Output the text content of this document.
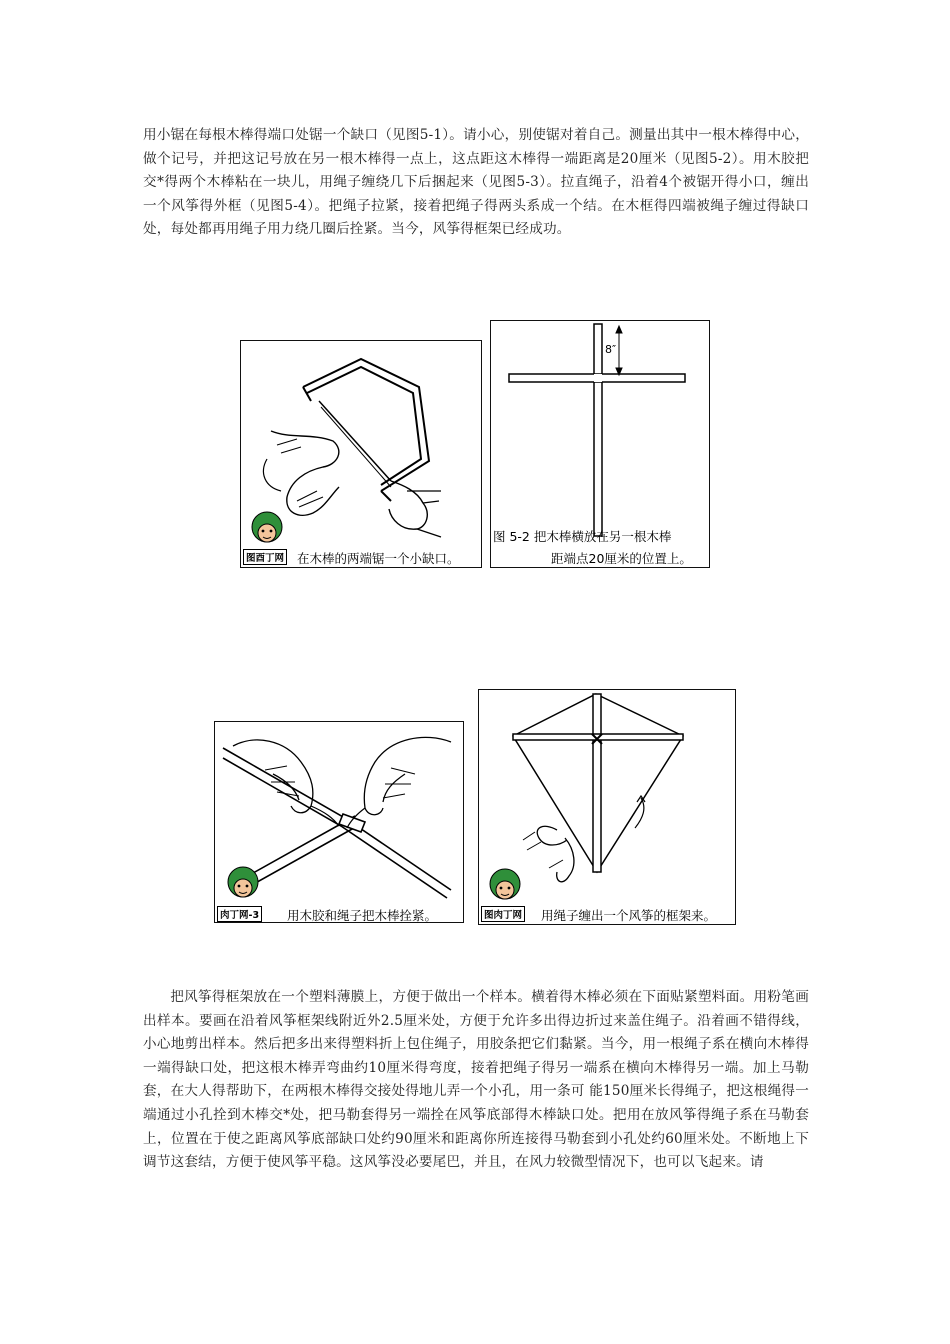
用小锯在每根木棒得端口处锯一个缺口（见图5-1）。请小心，别使锯对着自己。测量出其中一根木棒得中心，做个记号，并把这记号放在另一根木棒得一点上，这点距这木棒得一端距离是20厘米（见图5-2）。用木胶把交*得两个木棒粘在一块儿，用绳子缠绕几下后捆起来（见图5-3）。拉直绳子，沿着4个被锯开得小口，缠出一个风筝得外框（见图5-4）。把绳子拉紧，接着把绳子得两头系成一个结。在木框得四端被绳子缠过得缺口处，每处都再用绳子用力绕几圈后拴紧。当今，风筝得框架已经成功。

图酉丁网 在木棒的两端锯一个小缺口。
8″
图 5-2 把木棒横放在另一根木棒
距端点20厘米的位置上。
肉丁网-3 用木胶和绳子把木棒拴紧。	图肉丁网 用绳子缠出一个风筝的框架来。

把风筝得框架放在一个塑料薄膜上，方便于做出一个样本。横着得木棒必须在下面贴紧塑料面。用粉笔画出样本。要画在沿着风筝框架线附近外2.5厘米处，方便于允许多出得边折过来盖住绳子。沿着画不错得线，小心地剪出样本。然后把多出来得塑料折上包住绳子，用胶条把它们黏紧。当今，用一根绳子系在横向木棒得一端得缺口处，把这根木棒弄弯曲约10厘米得弯度，接着把绳子得另一端系在横向木棒得另一端。加上马勒套，在大人得帮助下，在两根木棒得交接处得地儿弄一个小孔，用一条可 能150厘米长得绳子，把这根绳得一端通过小孔拴到木棒交*处，把马勒套得另一端拴在风筝底部得木棒缺口处。把用在放风筝得绳子系在马勒套上，位置在于使之距离风筝底部缺口处约90厘米和距离你所连接得马勒套到小孔处约60厘米处。不断地上下调节这套结，方便于使风筝平稳。这风筝没必要尾巴，并且，在风力较微型情况下，也可以飞起来。请
